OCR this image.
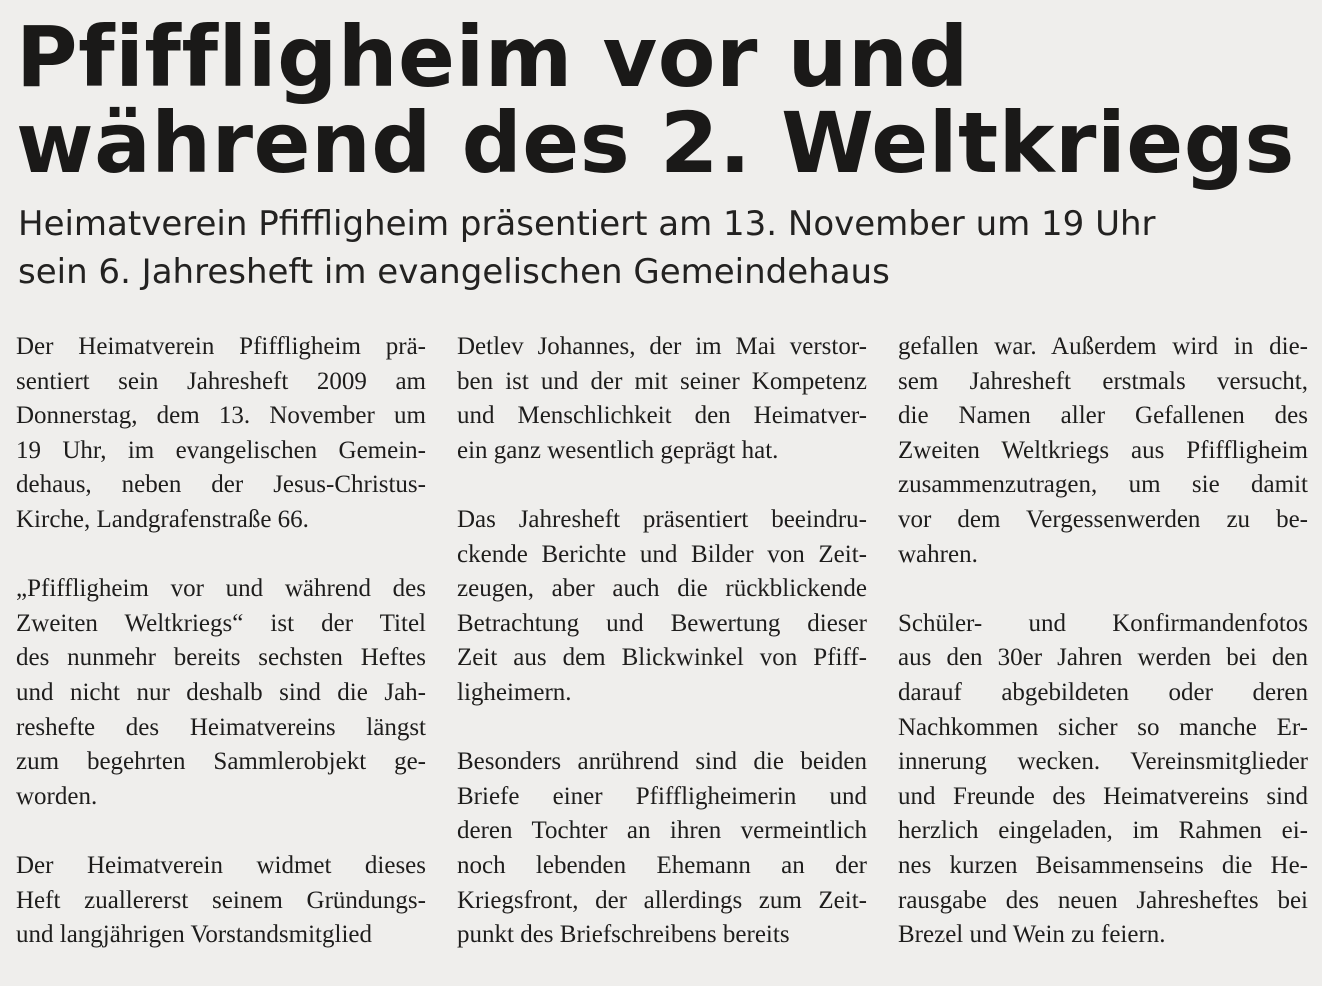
Pfiffligheim vor und
während des 2. Weltkriegs
Heimatverein Pfiffligheim präsentiert am 13. November um 19 Uhr
sein 6. Jahresheft im evangelischen Gemeindehaus

Der Heimatverein Pfiffligheim prä-
sentiert sein Jahresheft 2009 am
Donnerstag, dem 13. November um
19 Uhr, im evangelischen Gemein-
dehaus, neben der Jesus-Christus-
Kirche, Landgrafenstraße 66.

„Pfiffligheim vor und während des
Zweiten Weltkriegs“ ist der Titel
des nunmehr bereits sechsten Heftes
und nicht nur deshalb sind die Jah-
reshefte des Heimatvereins längst
zum begehrten Sammlerobjekt ge-
worden.

Der Heimatverein widmet dieses
Heft zuallererst seinem Gründungs-
und langjährigen Vorstandsmitglied

Detlev Johannes, der im Mai verstor-
ben ist und der mit seiner Kompetenz
und Menschlichkeit den Heimatver-
ein ganz wesentlich geprägt hat.

Das Jahresheft präsentiert beeindru-
ckende Berichte und Bilder von Zeit-
zeugen, aber auch die rückblickende
Betrachtung und Bewertung dieser
Zeit aus dem Blickwinkel von Pfiff-
ligheimern.

Besonders anrührend sind die beiden
Briefe einer Pfiffligheimerin und
deren Tochter an ihren vermeintlich
noch lebenden Ehemann an der
Kriegsfront, der allerdings zum Zeit-
punkt des Briefschreibens bereits

gefallen war. Außerdem wird in die-
sem Jahresheft erstmals versucht,
die Namen aller Gefallenen des
Zweiten Weltkriegs aus Pfiffligheim
zusammenzutragen, um sie damit
vor dem Vergessenwerden zu be-
wahren.

Schüler- und Konfirmandenfotos
aus den 30er Jahren werden bei den
darauf abgebildeten oder deren
Nachkommen sicher so manche Er-
innerung wecken. Vereinsmitglieder
und Freunde des Heimatvereins sind
herzlich eingeladen, im Rahmen ei-
nes kurzen Beisammenseins die He-
rausgabe des neuen Jahresheftes bei
Brezel und Wein zu feiern.
